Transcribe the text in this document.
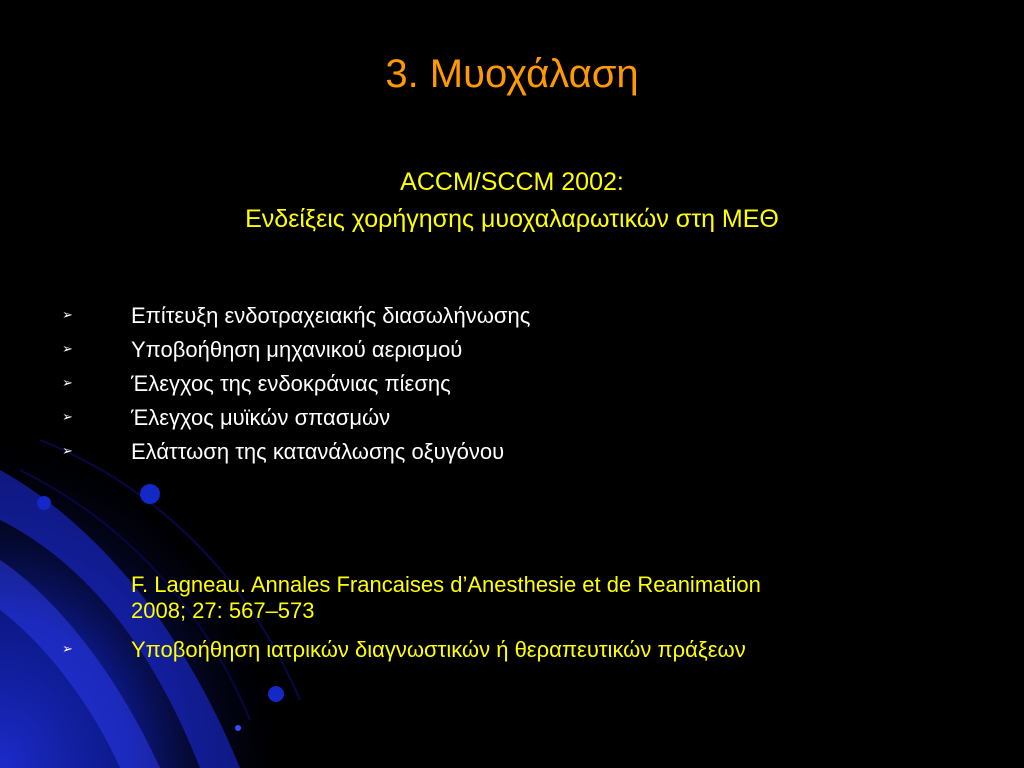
3. Μυοχάλαση
ACCM/SCCM 2002:
Ενδείξεις χορήγησης μυοχαλαρωτικών στη ΜΕΘ
➢	Επίτευξη ενδοτραχειακής διασωλήνωσης
➢	Υποβοήθηση μηχανικού αερισμού
➢	Έλεγχος της ενδοκράνιας πίεσης
➢	Έλεγχος μυϊκών σπασμών
➢	Ελάττωση της κατανάλωσης οξυγόνου
F. Lagneau. Annales Francaises d’Anesthesie et de Reanimation
2008; 27: 567–573
➢	Υποβοήθηση ιατρικών διαγνωστικών ή θεραπευτικών πράξεων
